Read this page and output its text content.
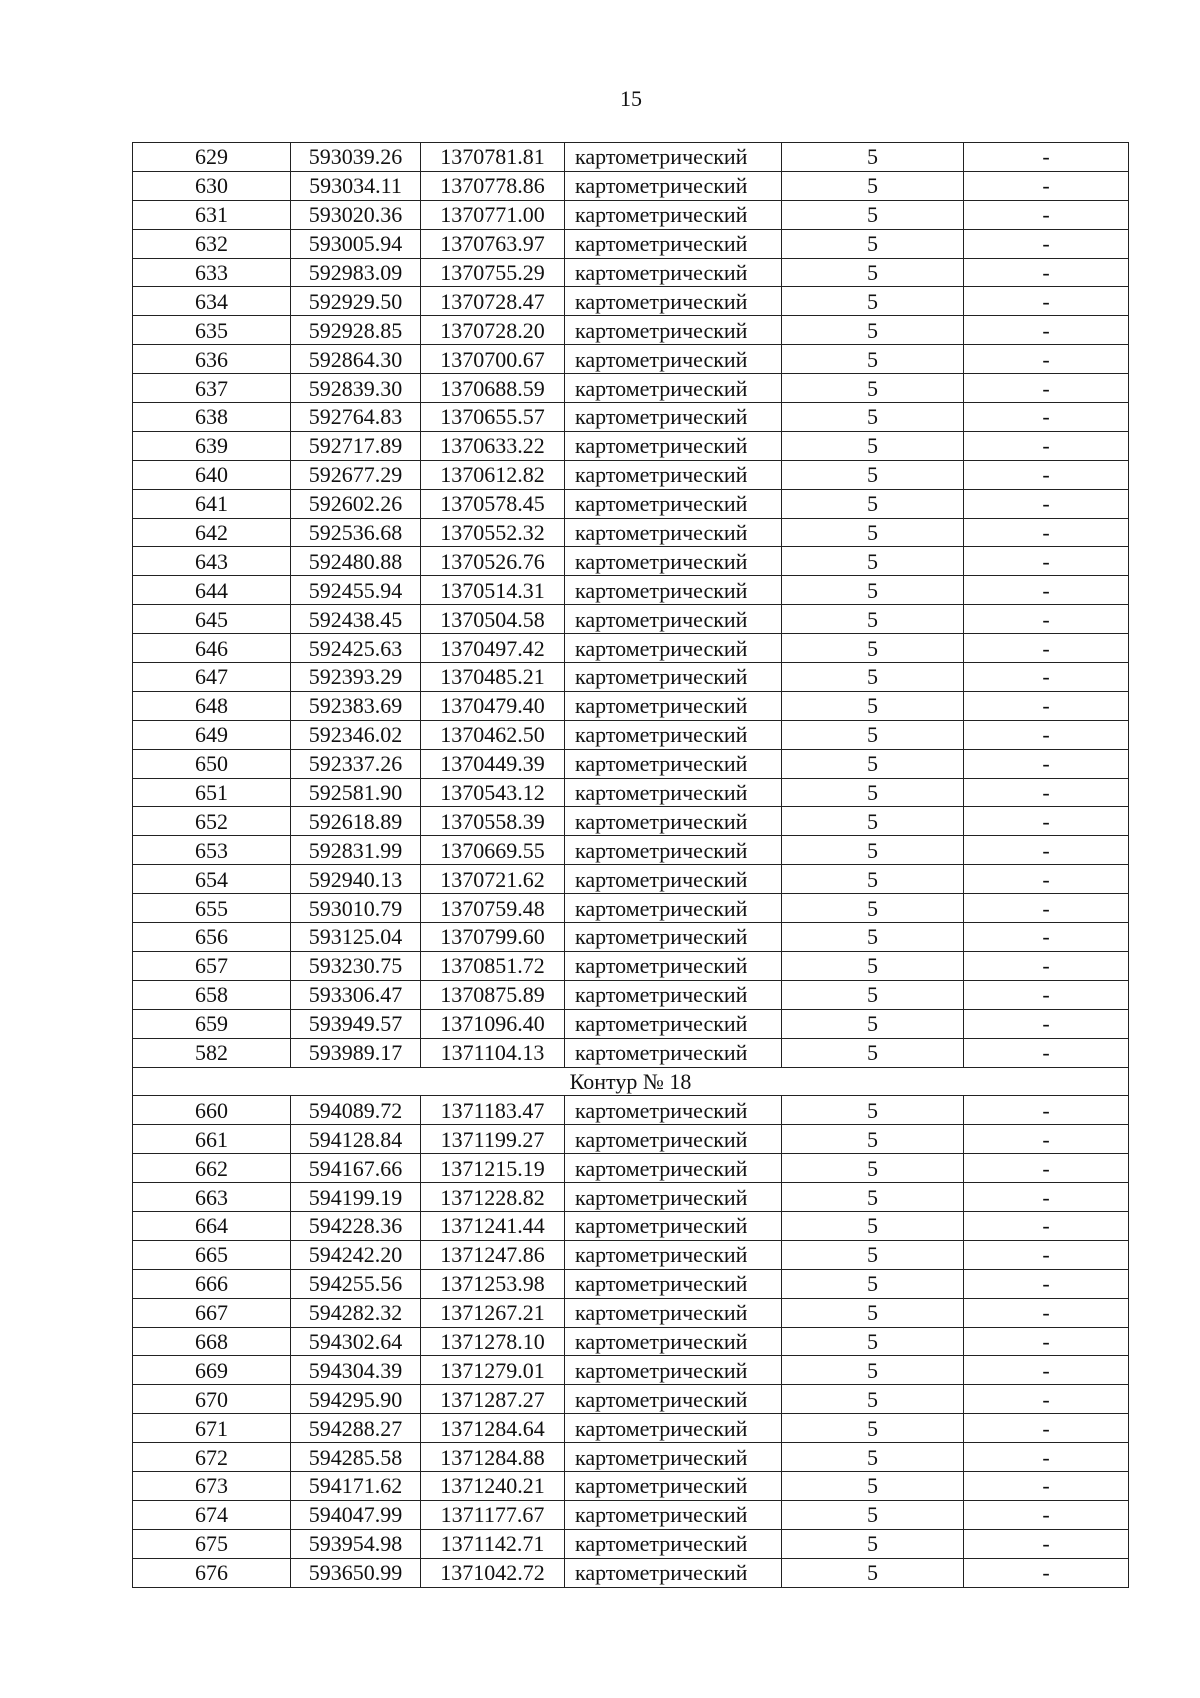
15
629	593039.26	1370781.81	картометрический	5	-
630	593034.11	1370778.86	картометрический	5	-
631	593020.36	1370771.00	картометрический	5	-
632	593005.94	1370763.97	картометрический	5	-
633	592983.09	1370755.29	картометрический	5	-
634	592929.50	1370728.47	картометрический	5	-
635	592928.85	1370728.20	картометрический	5	-
636	592864.30	1370700.67	картометрический	5	-
637	592839.30	1370688.59	картометрический	5	-
638	592764.83	1370655.57	картометрический	5	-
639	592717.89	1370633.22	картометрический	5	-
640	592677.29	1370612.82	картометрический	5	-
641	592602.26	1370578.45	картометрический	5	-
642	592536.68	1370552.32	картометрический	5	-
643	592480.88	1370526.76	картометрический	5	-
644	592455.94	1370514.31	картометрический	5	-
645	592438.45	1370504.58	картометрический	5	-
646	592425.63	1370497.42	картометрический	5	-
647	592393.29	1370485.21	картометрический	5	-
648	592383.69	1370479.40	картометрический	5	-
649	592346.02	1370462.50	картометрический	5	-
650	592337.26	1370449.39	картометрический	5	-
651	592581.90	1370543.12	картометрический	5	-
652	592618.89	1370558.39	картометрический	5	-
653	592831.99	1370669.55	картометрический	5	-
654	592940.13	1370721.62	картометрический	5	-
655	593010.79	1370759.48	картометрический	5	-
656	593125.04	1370799.60	картометрический	5	-
657	593230.75	1370851.72	картометрический	5	-
658	593306.47	1370875.89	картометрический	5	-
659	593949.57	1371096.40	картометрический	5	-
582	593989.17	1371104.13	картометрический	5	-
Контур № 18					
660	594089.72	1371183.47	картометрический	5	-
661	594128.84	1371199.27	картометрический	5	-
662	594167.66	1371215.19	картометрический	5	-
663	594199.19	1371228.82	картометрический	5	-
664	594228.36	1371241.44	картометрический	5	-
665	594242.20	1371247.86	картометрический	5	-
666	594255.56	1371253.98	картометрический	5	-
667	594282.32	1371267.21	картометрический	5	-
668	594302.64	1371278.10	картометрический	5	-
669	594304.39	1371279.01	картометрический	5	-
670	594295.90	1371287.27	картометрический	5	-
671	594288.27	1371284.64	картометрический	5	-
672	594285.58	1371284.88	картометрический	5	-
673	594171.62	1371240.21	картометрический	5	-
674	594047.99	1371177.67	картометрический	5	-
675	593954.98	1371142.71	картометрический	5	-
676	593650.99	1371042.72	картометрический	5	-
